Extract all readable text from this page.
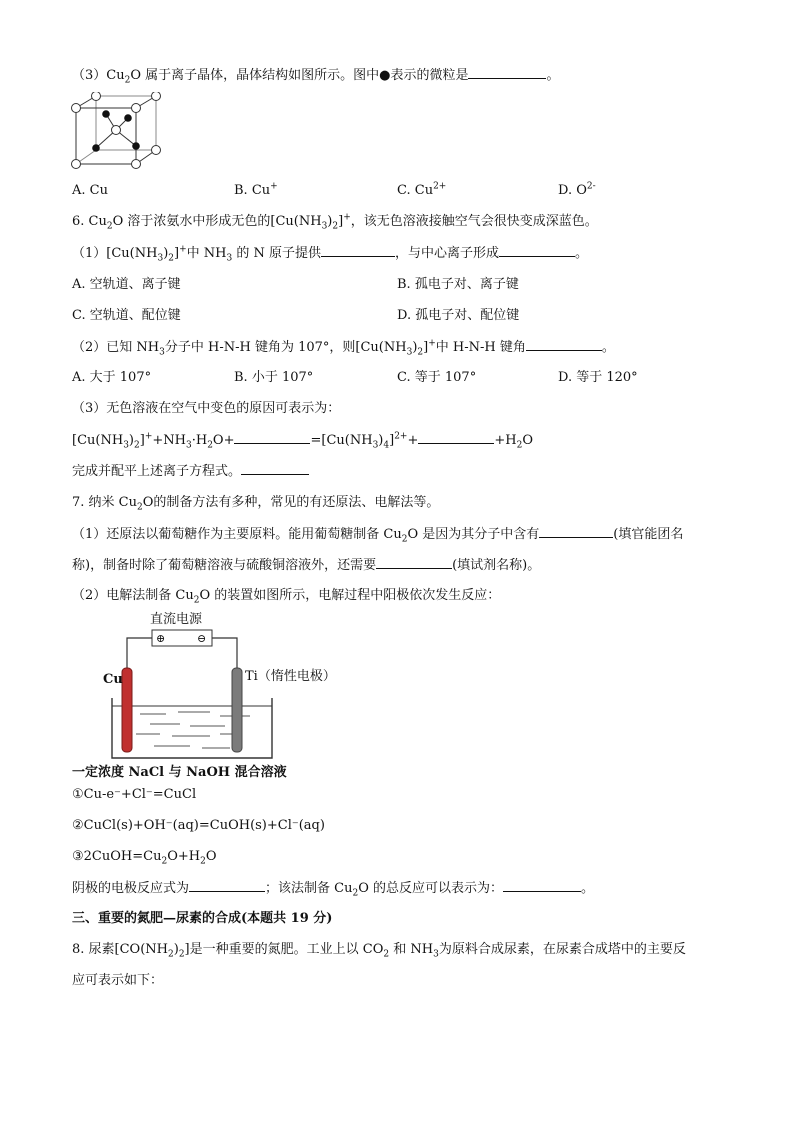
$(3)Cu_2O$ 属于离子晶体，晶体结构如图所示。图中●表示的微粒是	。
A. Cu	B. Cu+	C. $Cu^{2+}$	D. $O^{2-}$
6. $Cu_2O$ 溶于浓氨水中形成无色的$[Cu(NH_3)_2]^+$，该无色溶液接触空气会很快变成深蓝色。
$(1)[Cu(NH_3)_2]^+$中 $NH_3$ 的 N 原子提供	，与中心离子形成	。
A. 空轨道、离子键	B. 孤电子对、离子键
C. 空轨道、配位键	D. 孤电子对、配位键
（2）已知 $NH_3$分子中 H-N-H 键角为 107°，则$[Cu(NH_3)_2]^+$中 H-N-H 键角	。
A. 大于 107°	B. 小于 107°	C. 等于 107°	D. 等于 120°
（3）无色溶液在空气中变色的原因可表示为：
$[Cu(NH_3)_2]^++NH_3\cdot H_2O+$	$=[Cu(NH_3)_4]^{2+}+$	$+H_2O$
完成并配平上述离子方程式。
7. 纳米 $Cu_2O$的制备方法有多种，常见的有还原法、电解法等。
（1）还原法以葡萄糖作为主要原料。能用葡萄糖制备 $Cu_2O$ 是因为其分子中含有	(填官能团名
称)，制备时除了葡萄糖溶液与硫酸铜溶液外，还需要	(填试剂名称)。
（2）电解法制备 $Cu_2O$ 的装置如图所示，电解过程中阳极依次发生反应：
直流电源
⊕	⊖
Cu	Ti（惰性电极）
一定浓度 NaCl 与 NaOH 混合溶液
①Cu-e⁻+Cl⁻=CuCl
②CuCl(s)+OH⁻(aq)=CuOH(s)+Cl⁻(aq)
$③2CuOH=Cu_2O+H_2O$
阴极的电极反应式为	；该法制备 $Cu_2O$ 的总反应可以表示为：	。
三、重要的氮肥—尿素的合成(本题共 19 分)
8. 尿素$[CO(NH_2)_2]$是一种重要的氮肥。工业上以 $CO_2$ 和 $NH_3$为原料合成尿素，在尿素合成塔中的主要反
应可表示如下：
